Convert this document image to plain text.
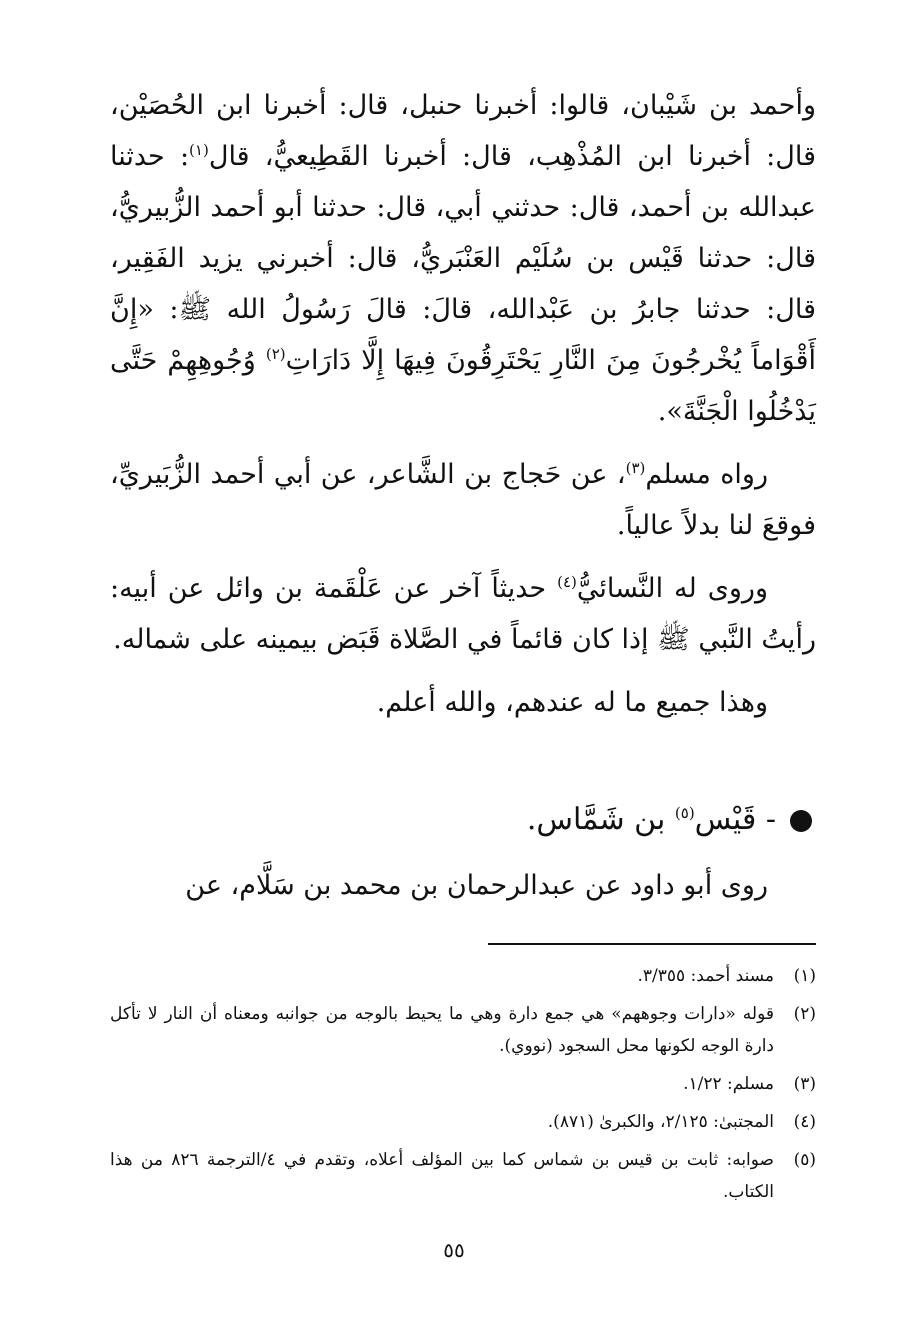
وأحمد بن شَيْبان، قالوا: أخبرنا حنبل، قال: أخبرنا ابن الحُصَيْن، قال: أخبرنا ابن المُذْهِب، قال: أخبرنا القَطِيعيُّ، قال$^{(١)}$: حدثنا عبدالله بن أحمد، قال: حدثني أبي، قال: حدثنا أبو أحمد الزُّبيريُّ، قال: حدثنا قَيْس بن سُلَيْم العَنْبَريُّ، قال: أخبرني يزيد الفَقِير، قال: حدثنا جابرُ بن عَبْدالله، قالَ: قالَ رَسُولُ الله ﷺ: «إِنَّ أَقْوَاماً يُخْرجُونَ مِنَ النَّارِ يَحْتَرِقُونَ فِيهَا إِلَّا دَارَاتِ$^{(٢)}$ وُجُوهِهِمْ حَتَّى يَدْخُلُوا الْجَنَّةَ».

رواه مسلم$^{(٣)}$، عن حَجاج بن الشَّاعر، عن أبي أحمد الزُّبَيريِّ، فوقعَ لنا بدلاً عالياً.

وروى له النَّسائيُّ$^{(٤)}$ حديثاً آخر عن عَلْقَمة بن وائل عن أبيه: رأيتُ النَّبي ﷺ إذا كان قائماً في الصَّلاة قَبَض بيمينه على شماله.

وهذا جميع ما له عندهم، والله أعلم.

- قَيْس$^{(٥)}$ بن شَمَّاس.

روى أبو داود عن عبدالرحمان بن محمد بن سَلَّام، عن

(١)
مسند أحمد: ٣/٣٥٥.
(٢)
قوله «دارات وجوههم» هي جمع دارة وهي ما يحيط بالوجه من جوانبه ومعناه أن النار لا تأكل دارة الوجه لكونها محل السجود (نووي).
(٣)
مسلم: ١/٢٢.
(٤)
المجتبىٰ: ٢/١٢٥، والكبرىٰ (٨٧١).
(٥)
صوابه: ثابت بن قيس بن شماس كما بين المؤلف أعلاه، وتقدم في ٤/الترجمة ٨٢٦ من هذا الكتاب.
٥٥
